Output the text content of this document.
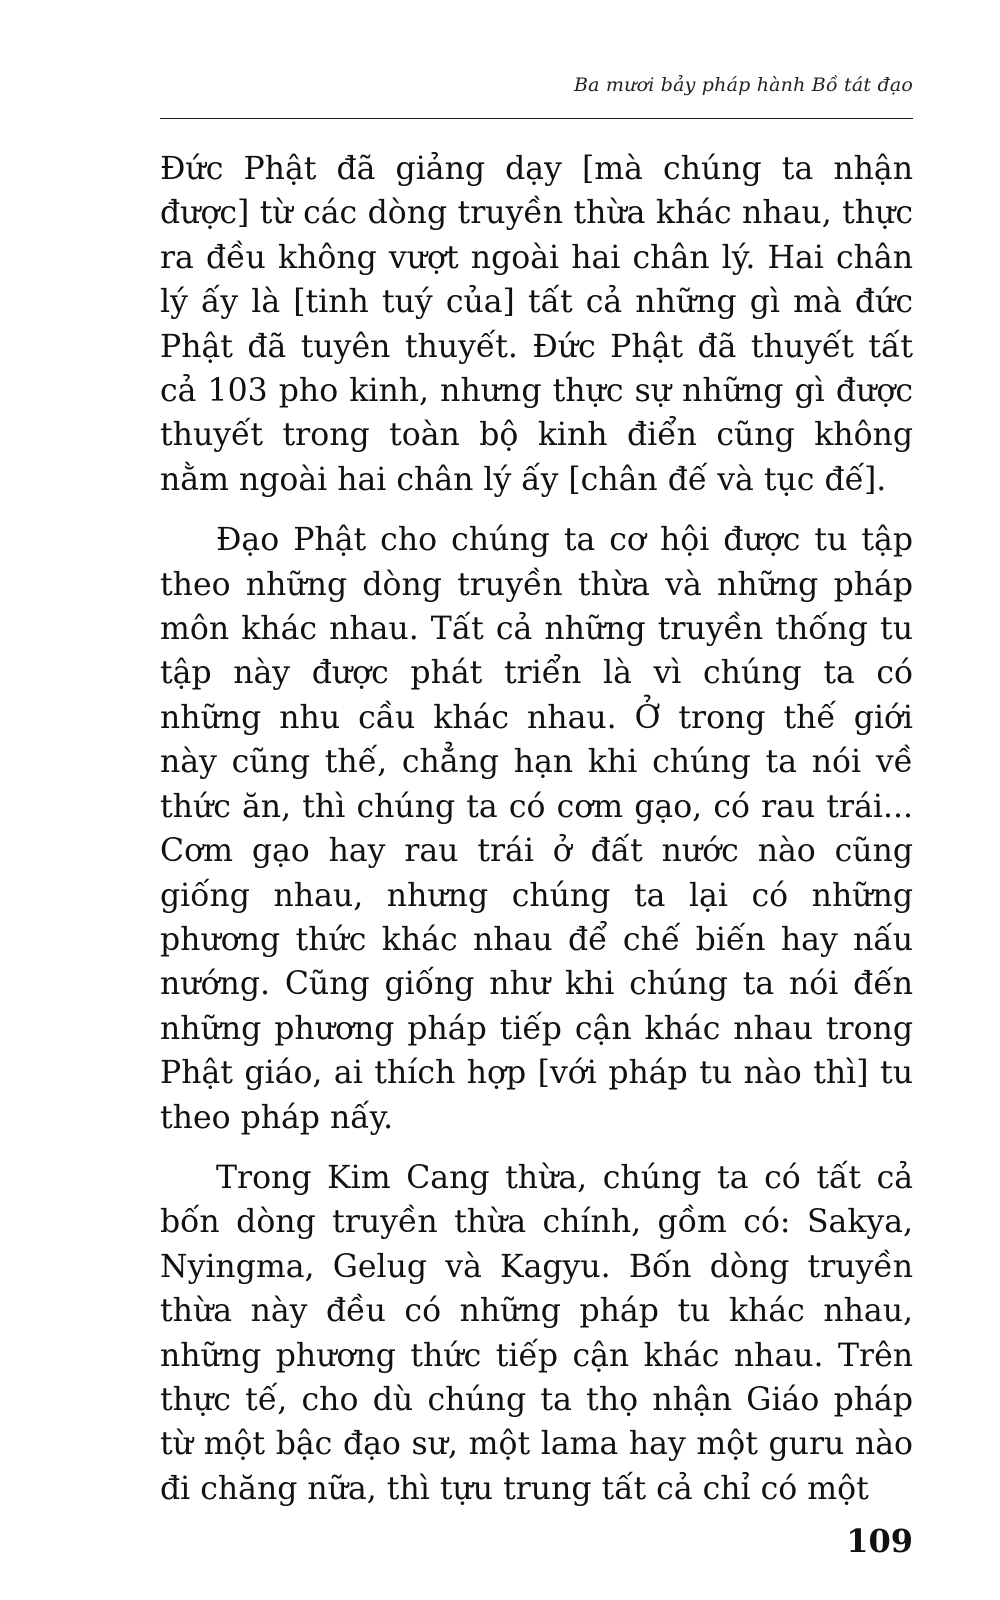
Ba mươi bảy pháp hành Bồ tát đạo

Đức Phật đã giảng dạy [mà chúng ta nhận được] từ các dòng truyền thừa khác nhau, thực ra đều không vượt ngoài hai chân lý. Hai chân lý ấy là [tinh tuý của] tất cả những gì mà đức Phật đã tuyên thuyết. Đức Phật đã thuyết tất cả 103 pho kinh, nhưng thực sự những gì được thuyết trong toàn bộ kinh điển cũng không nằm ngoài hai chân lý ấy [chân đế và tục đế].

Đạo Phật cho chúng ta cơ hội được tu tập theo những dòng truyền thừa và những pháp môn khác nhau. Tất cả những truyền thống tu tập này được phát triển là vì chúng ta có những nhu cầu khác nhau. Ở trong thế giới này cũng thế, chẳng hạn khi chúng ta nói về thức ăn, thì chúng ta có cơm gạo, có rau trái... Cơm gạo hay rau trái ở đất nước nào cũng giống nhau, nhưng chúng ta lại có những phương thức khác nhau để chế biến hay nấu nướng. Cũng giống như khi chúng ta nói đến những phương pháp tiếp cận khác nhau trong Phật giáo, ai thích hợp [với pháp tu nào thì] tu theo pháp nấy.

Trong Kim Cang thừa, chúng ta có tất cả bốn dòng truyền thừa chính, gồm có: Sakya, Nyingma, Gelug và Kagyu. Bốn dòng truyền thừa này đều có những pháp tu khác nhau, những phương thức tiếp cận khác nhau. Trên thực tế, cho dù chúng ta thọ nhận Giáo pháp từ một bậc đạo sư, một lama hay một guru nào đi chăng nữa, thì tựu trung tất cả chỉ có một

109
